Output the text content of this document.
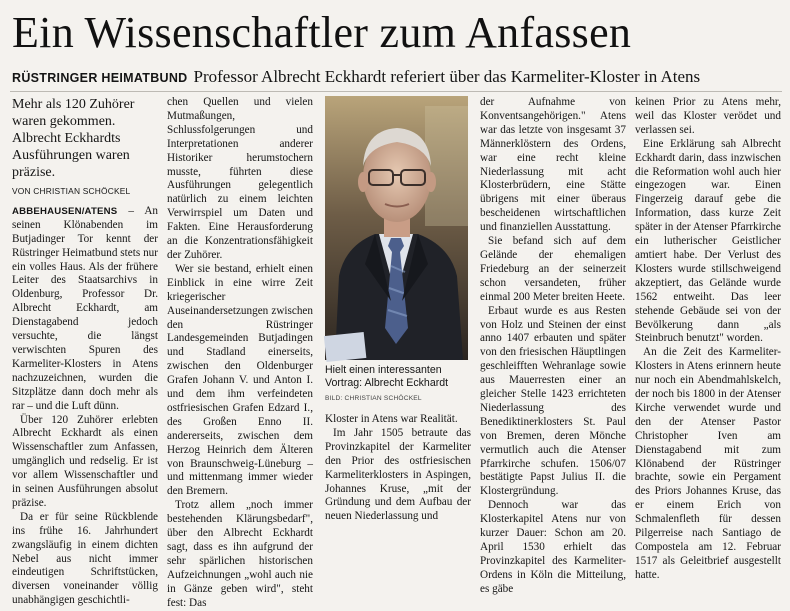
Ein Wissenschaftler zum Anfassen
RÜSTRINGER HEIMATBUND Professor Albrecht Eckhardt referiert über das Karmeliter-Kloster in Atens

Mehr als 120 Zuhörer waren gekommen. Albrecht Eckhardts Ausführungen waren präzise.

VON CHRISTIAN SCHÖCKEL

ABBEHAUSEN/ATENS – An seinen Klönabenden im Butjadinger Tor kennt der Rüstringer Heimatbund stets nur ein volles Haus. Als der frühere Leiter des Staatsarchivs in Oldenburg, Professor Dr. Albrecht Eckhardt, am Dienstagabend jedoch versuchte, die längst verwischten Spuren des Karmeliter-Klosters in Atens nachzuzeichnen, wurden die Sitzplätze dann doch mehr als rar – und die Luft dünn.

Über 120 Zuhörer erlebten Albrecht Eckhardt als einen Wissenschaftler zum Anfassen, umgänglich und redselig. Er ist vor allem Wissenschaftler und in seinen Ausführungen absolut präzise.

Da er für seine Rückblende ins frühe 16. Jahrhundert zwangsläufig in einem dichten Nebel aus nicht immer eindeutigen Schriftstücken, diversen voneinander völlig unabhängigen geschichtli-

chen Quellen und vielen Mutmaßungen, Schlussfolgerungen und Interpretationen anderer Historiker herumstochern musste, führten diese Ausführungen gelegentlich natürlich zu einem leichten Verwirrspiel um Daten und Fakten. Eine Herausforderung an die Konzentrationsfähigkeit der Zuhörer.

Wer sie bestand, erhielt einen Einblick in eine wirre Zeit kriegerischer Auseinandersetzungen zwischen den Rüstringer Landesgemeinden Butjadingen und Stadland einerseits, zwischen den Oldenburger Grafen Johann V. und Anton I. und dem ihm verfeindeten ostfriesischen Grafen Edzard I., des Großen Enno II. andererseits, zwischen dem Herzog Heinrich dem Älteren von Braunschweig-Lüneburg – und mittenmang immer wieder den Bremern.

Trotz allem „noch immer bestehenden Klärungsbedarf", über den Albrecht Eckhardt sagt, dass es ihn aufgrund der sehr spärlichen historischen Aufzeichnungen „wohl auch nie in Gänze geben wird", steht fest: Das

Hielt einen interessanten Vortrag: Albrecht Eckhardt
BILD: CHRISTIAN SCHÖCKEL

Kloster in Atens war Realität.

Im Jahr 1505 betraute das Provinzkapitel der Karmeliter den Prior des ostfriesischen Karmeliterklosters in Aspingen, Johannes Kruse, „mit der Gründung und dem Aufbau der neuen Niederlassung und

der Aufnahme von Konventsangehörigen." Atens war das letzte von insgesamt 37 Männerklöstern des Ordens, war eine recht kleine Niederlassung mit acht Klosterbrüdern, eine Stätte übrigens mit einer überaus bescheidenen wirtschaftlichen und finanziellen Ausstattung.

Sie befand sich auf dem Gelände der ehemaligen Friedeburg an der seinerzeit schon versandeten, früher einmal 200 Meter breiten Heete.

Erbaut wurde es aus Resten von Holz und Steinen der einst anno 1407 erbauten und später von den friesischen Häuptlingen geschleifften Wehranlage sowie aus Mauerresten einer an gleicher Stelle 1423 errichteten Niederlassung des Benediktinerklosters St. Paul von Bremen, deren Mönche vermutlich auch die Atenser Pfarrkirche schufen. 1506/07 bestätigte Papst Julius II. die Klostergründung.

Dennoch war das Klosterkapitel Atens nur von kurzer Dauer: Schon am 20. April 1530 erhielt das Provinzkapitel des Karmeliter-Ordens in Köln die Mitteilung, es gäbe

keinen Prior zu Atens mehr, weil das Kloster verödet und verlassen sei.

Eine Erklärung sah Albrecht Eckhardt darin, dass inzwischen die Reformation wohl auch hier eingezogen war. Einen Fingerzeig darauf gebe die Information, dass kurze Zeit später in der Atenser Pfarrkirche ein lutherischer Geistlicher amtiert habe. Der Verlust des Klosters wurde stillschweigend akzeptiert, das Gelände wurde 1562 entweiht. Das leer stehende Gebäude sei von der Bevölkerung dann „als Steinbruch benutzt" worden.

An die Zeit des Karmeliter-Klosters in Atens erinnern heute nur noch ein Abendmahlskelch, der noch bis 1800 in der Atenser Kirche verwendet wurde und den der Atenser Pastor Christopher Iven am Dienstagabend mit zum Klönabend der Rüstringer brachte, sowie ein Pergament des Priors Johannes Kruse, das er einem Erich von Schmalenfleth für dessen Pilgerreise nach Santiago de Compostela am 12. Februar 1517 als Geleitbrief ausgestellt hatte.
